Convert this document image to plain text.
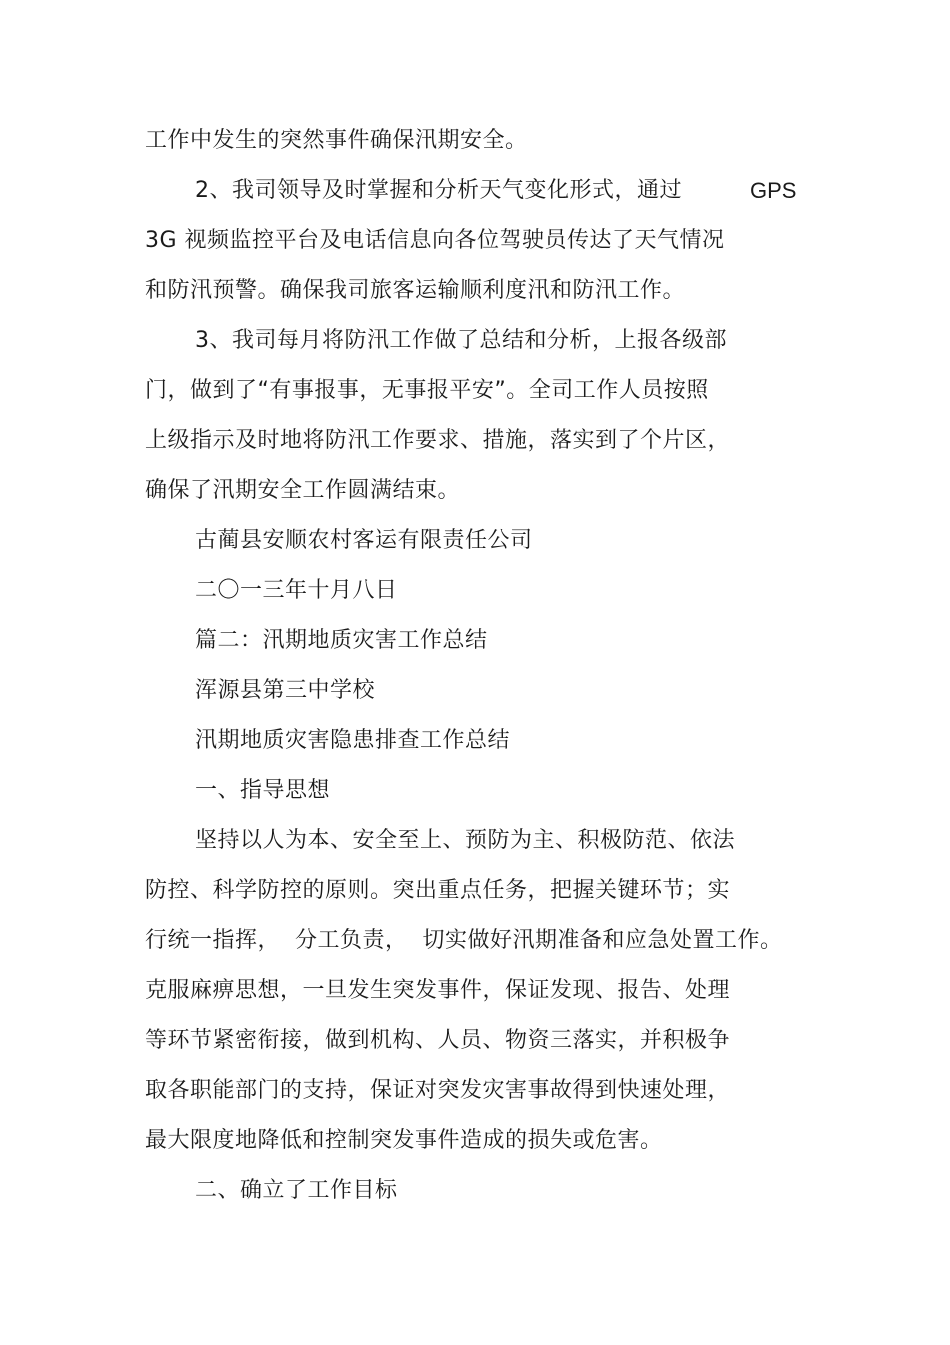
工作中发生的突然事件确保汛期安全。
2、我司领导及时掌握和分析天气变化形式，通过	GPS
3G 视频监控平台及电话信息向各位驾驶员传达了天气情况
和防汛预警。确保我司旅客运输顺利度汛和防汛工作。
3、我司每月将防汛工作做了总结和分析，上报各级部
门，做到了“有事报事，无事报平安”。全司工作人员按照
上级指示及时地将防汛工作要求、措施，落实到了个片区，
确保了汛期安全工作圆满结束。
古蔺县安顺农村客运有限责任公司
二〇一三年十月八日
篇二：汛期地质灾害工作总结
浑源县第三中学校
汛期地质灾害隐患排查工作总结
一、指导思想
坚持以人为本、安全至上、预防为主、积极防范、依法
防控、科学防控的原则。突出重点任务，把握关键环节；实
行统一指挥，  分工负责，  切实做好汛期准备和应急处置工作。
克服麻痹思想，一旦发生突发事件，保证发现、报告、处理
等环节紧密衔接，做到机构、人员、物资三落实，并积极争
取各职能部门的支持，保证对突发灾害事故得到快速处理，
最大限度地降低和控制突发事件造成的损失或危害。
二、确立了工作目标
